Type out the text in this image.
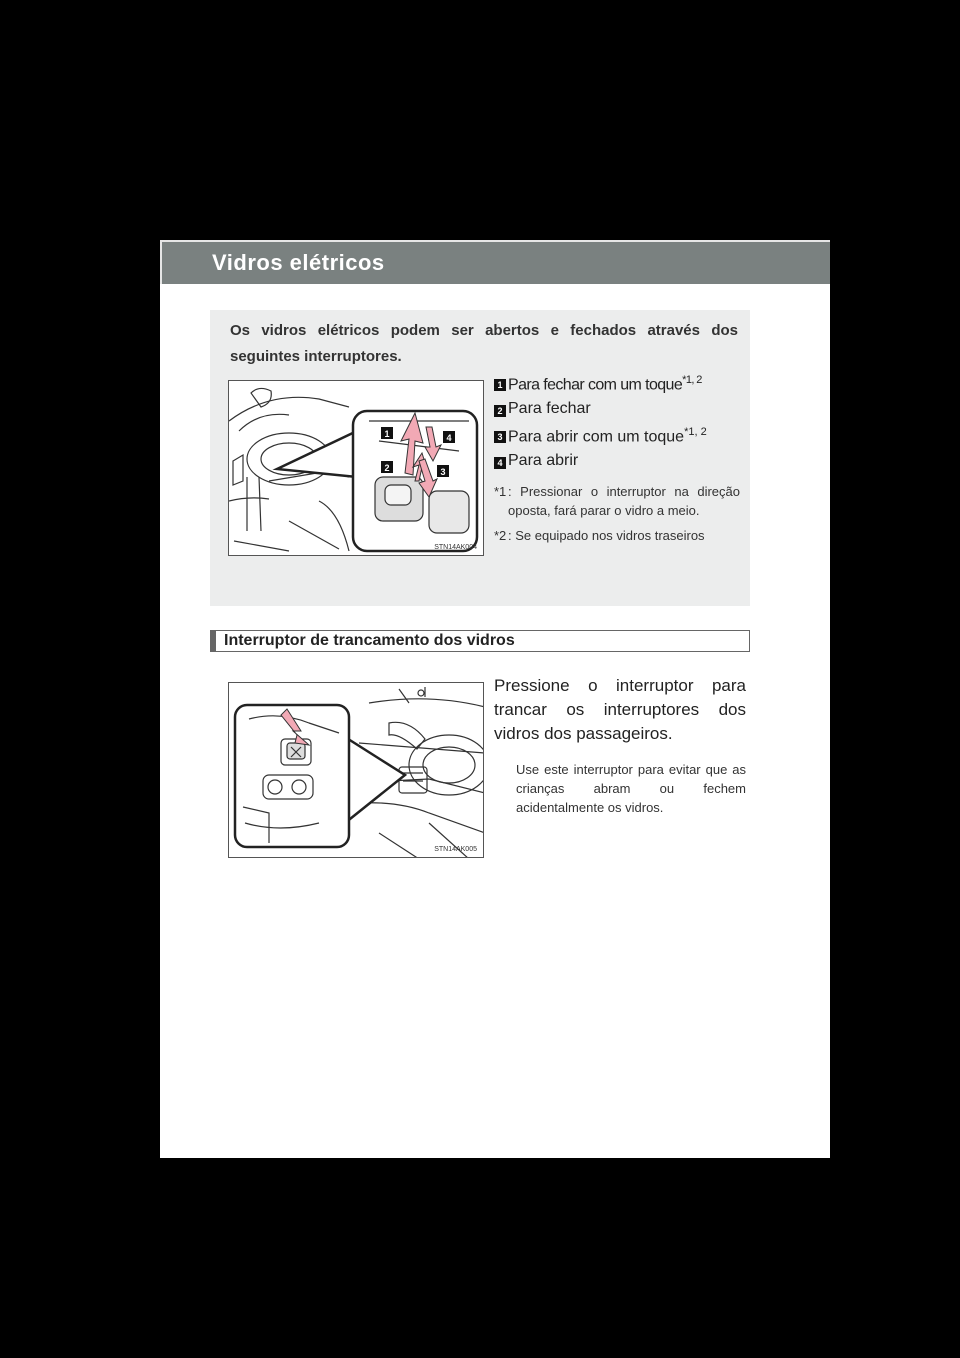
Vidros elétricos
Os vidros elétricos podem ser abertos e fechados através dos seguintes interruptores.
1	4
2	3
STN14AK004
1 Para fechar com um toque$^{*1, 2}$
2 Para fechar
3 Para abrir com um toque$^{*1, 2}$
4 Para abrir
*1 : Pressionar o interruptor na direção oposta, fará parar o vidro a meio.
*2 : Se equipado nos vidros traseiros
Interruptor de trancamento dos vidros
STN14AK005
Pressione o interruptor para trancar os interruptores dos vidros dos passageiros.
Use este interruptor para evitar que as crianças abram ou fechem acidentalmente os vidros.
112
